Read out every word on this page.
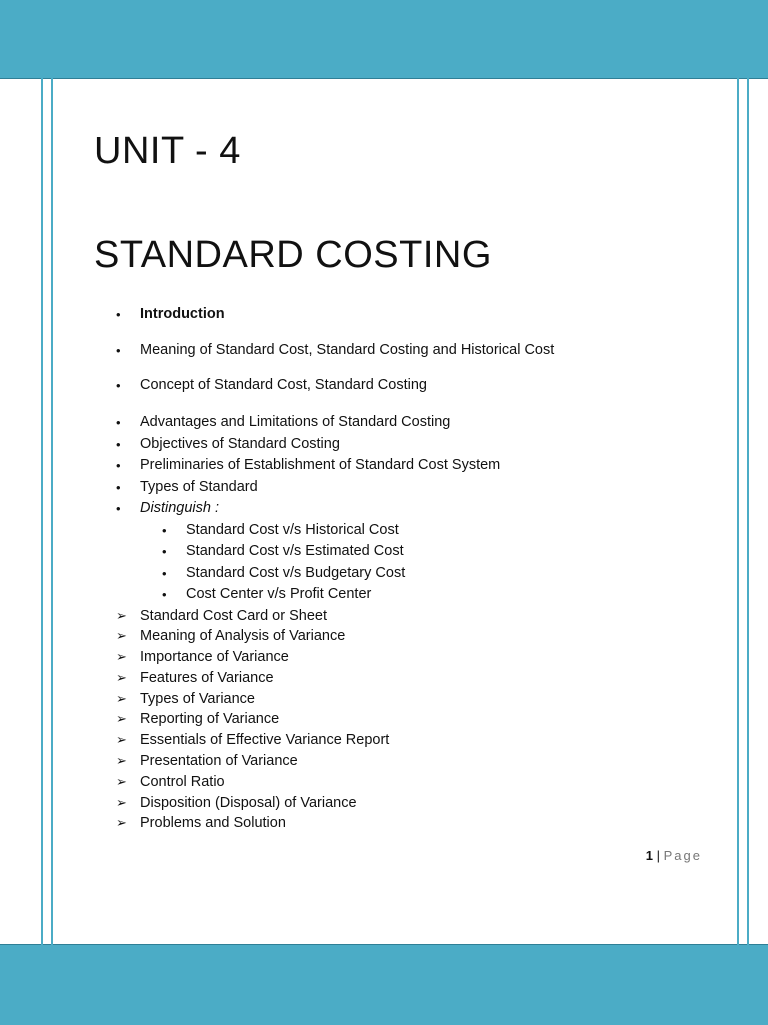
UNIT - 4
STANDARD COSTING
• Introduction
• Meaning of Standard Cost, Standard Costing and Historical Cost
• Concept of Standard Cost, Standard Costing
• Advantages and Limitations of Standard Costing
• Objectives of Standard Costing
• Preliminaries of Establishment of Standard Cost System
• Types of Standard
• Distinguish :
• Standard Cost v/s Historical Cost
• Standard Cost v/s Estimated Cost
• Standard Cost v/s Budgetary Cost
• Cost Center v/s Profit Center
➢ Standard Cost Card or Sheet
➢ Meaning of Analysis of Variance
➢ Importance of Variance
➢ Features of Variance
➢ Types of Variance
➢ Reporting of Variance
➢ Essentials of Effective Variance Report
➢ Presentation of Variance
➢ Control Ratio
➢ Disposition (Disposal) of Variance
➢ Problems and Solution
1 | Page
